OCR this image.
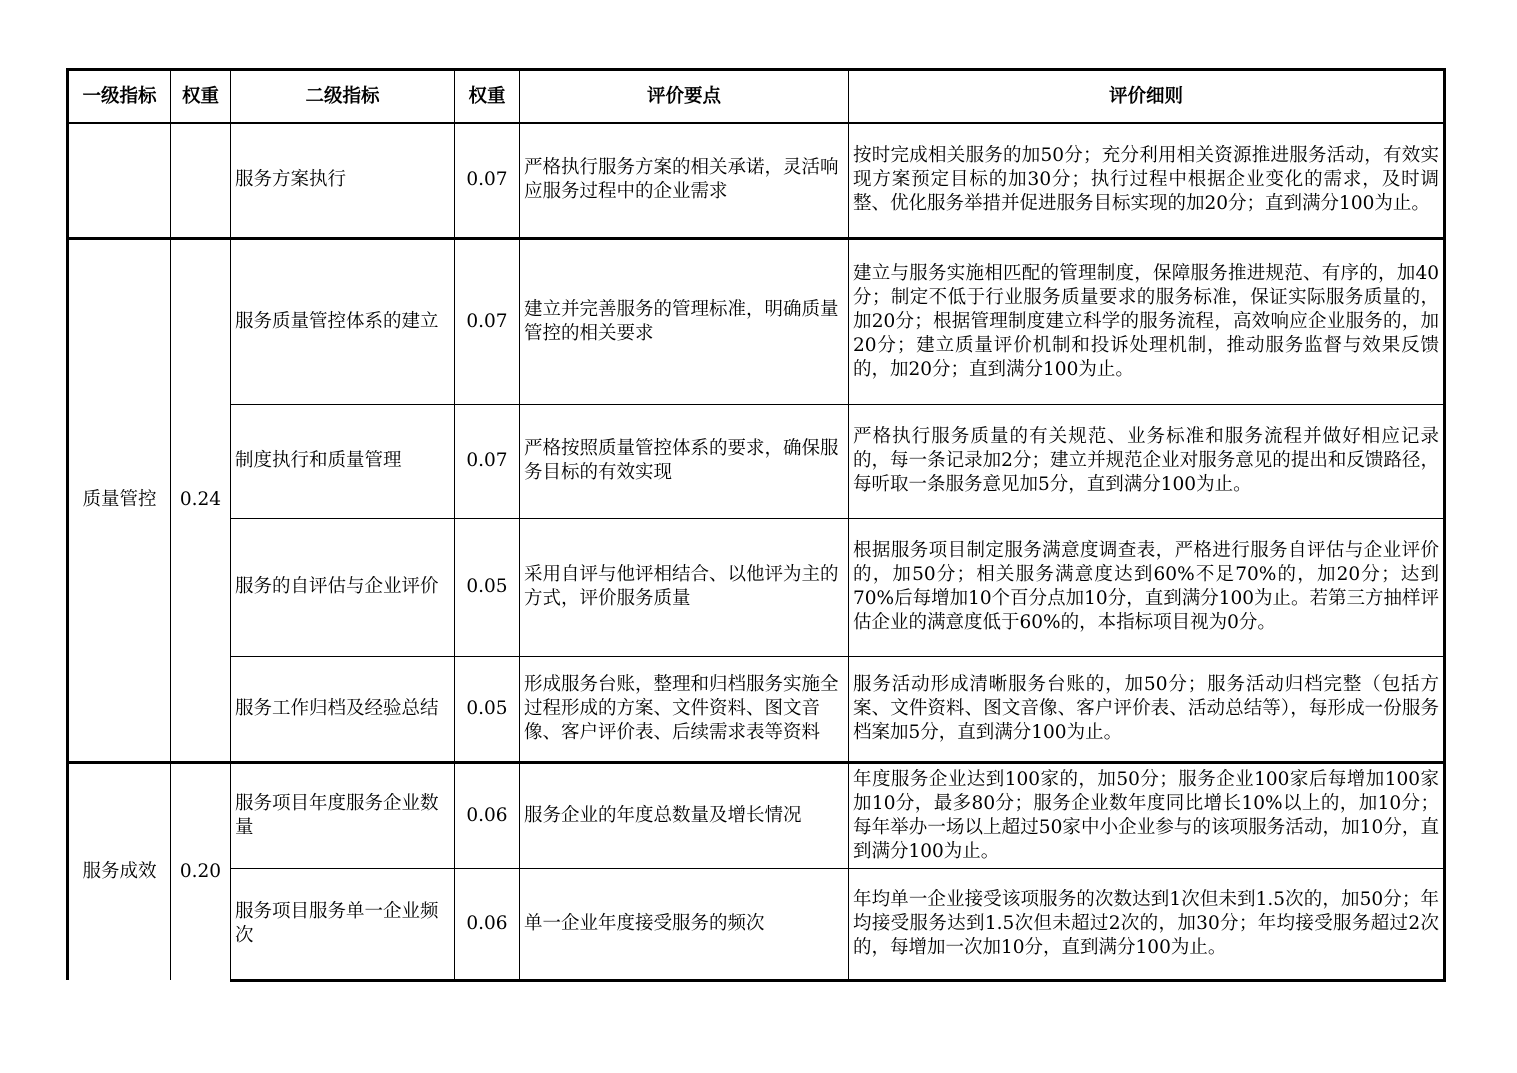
一级指标	权重	二级指标	权重	评价要点	评价细则
		服务方案执行	0.07	严格执行服务方案的相关承诺，灵活响应服务过程中的企业需求	按时完成相关服务的加50分；充分利用相关资源推进服务活动，有效实现方案预定目标的加30分；执行过程中根据企业变化的需求，及时调整、优化服务举措并促进服务目标实现的加20分；直到满分100为止。
质量管控	0.24	服务质量管控体系的建立	0.07	建立并完善服务的管理标准，明确质量管控的相关要求	建立与服务实施相匹配的管理制度，保障服务推进规范、有序的，加40分；制定不低于行业服务质量要求的服务标准，保证实际服务质量的，加20分；根据管理制度建立科学的服务流程，高效响应企业服务的，加20分；建立质量评价机制和投诉处理机制，推动服务监督与效果反馈的，加20分；直到满分100为止。
		制度执行和质量管理	0.07	严格按照质量管控体系的要求，确保服务目标的有效实现	严格执行服务质量的有关规范、业务标准和服务流程并做好相应记录的，每一条记录加2分；建立并规范企业对服务意见的提出和反馈路径，每听取一条服务意见加5分，直到满分100为止。
		服务的自评估与企业评价	0.05	采用自评与他评相结合、以他评为主的方式，评价服务质量	根据服务项目制定服务满意度调查表，严格进行服务自评估与企业评价的，加50分；相关服务满意度达到60%不足70%的，加20分；达到70%后每增加10个百分点加10分，直到满分100为止。若第三方抽样评估企业的满意度低于60%的，本指标项目视为0分。
		服务工作归档及经验总结	0.05	形成服务台账，整理和归档服务实施全过程形成的方案、文件资料、图文音像、客户评价表、后续需求表等资料	服务活动形成清晰服务台账的，加50分；服务活动归档完整（包括方案、文件资料、图文音像、客户评价表、活动总结等），每形成一份服务档案加5分，直到满分100为止。
服务成效	0.20	服务项目年度服务企业数量	0.06	服务企业的年度总数量及增长情况	年度服务企业达到100家的，加50分；服务企业100家后每增加100家加10分，最多80分；服务企业数年度同比增长10%以上的，加10分；每年举办一场以上超过50家中小企业参与的该项服务活动，加10分，直到满分100为止。
		服务项目服务单一企业频次	0.06	单一企业年度接受服务的频次	年均单一企业接受该项服务的次数达到1次但未到1.5次的，加50分；年均接受服务达到1.5次但未超过2次的，加30分；年均接受服务超过2次的，每增加一次加10分，直到满分100为止。
